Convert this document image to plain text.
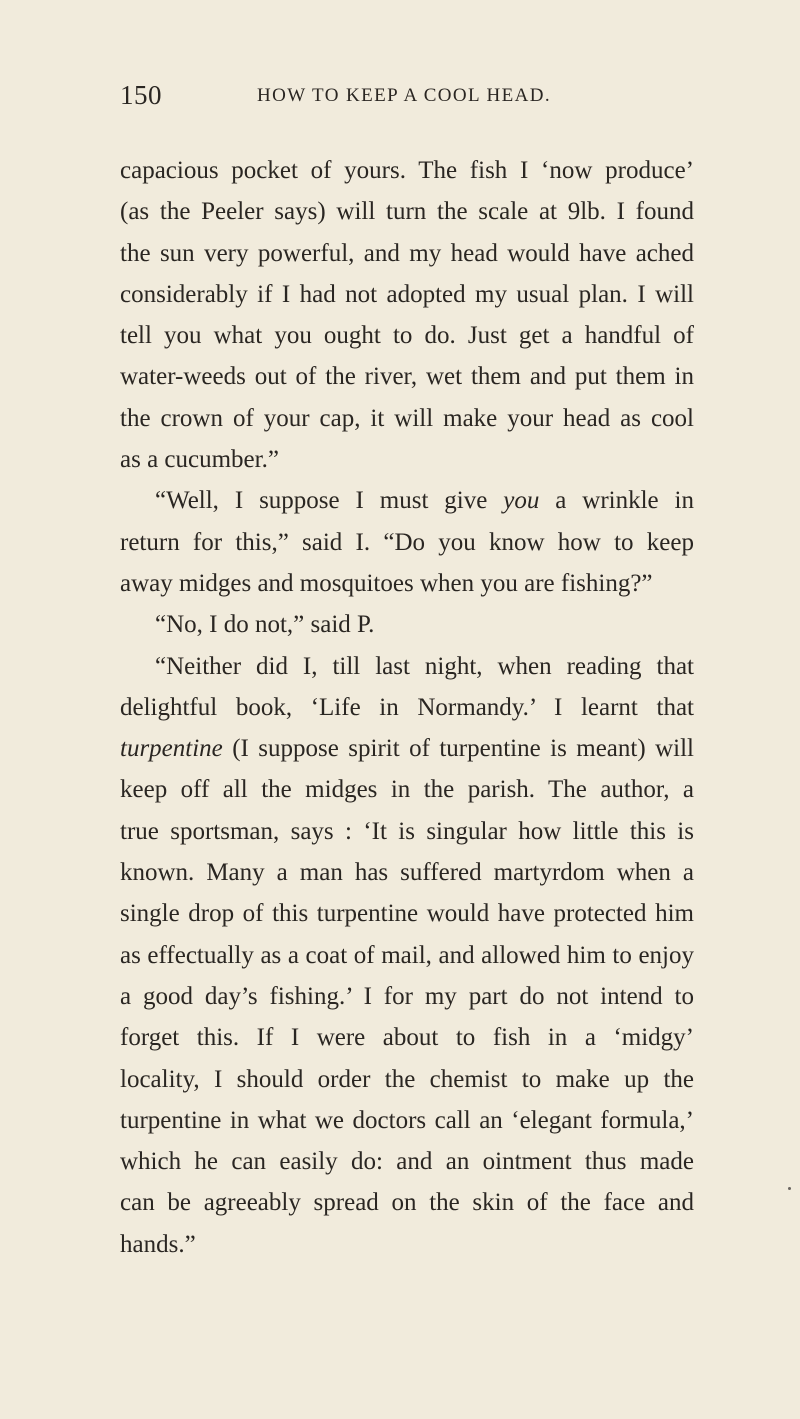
150	HOW TO KEEP A COOL HEAD.
capacious pocket of yours. The fish I ‘now produce’
(as the Peeler says) will turn the scale at 9lb. I found
the sun very powerful, and my head would have ached
considerably if I had not adopted my usual plan. I will
tell you what you ought to do. Just get a handful of
water-weeds out of the river, wet them and put them in
the crown of your cap, it will make your head as cool
as a cucumber.”
“Well, I suppose I must give you a wrinkle in
return for this,” said I. “Do you know how to keep
away midges and mosquitoes when you are fishing?”
“No, I do not,” said P.
“Neither did I, till last night, when reading that
delightful book, ‘Life in Normandy.’ I learnt that
turpentine (I suppose spirit of turpentine is meant) will
keep off all the midges in the parish. The author, a
true sportsman, says : ‘It is singular how little this is
known. Many a man has suffered martyrdom when a
single drop of this turpentine would have protected him
as effectually as a coat of mail, and allowed him to enjoy
a good day’s fishing.’ I for my part do not intend to
forget this. If I were about to fish in a ‘midgy’
locality, I should order the chemist to make up the
turpentine in what we doctors call an ‘elegant formula,’
which he can easily do: and an ointment thus made
can be agreeably spread on the skin of the face and
hands.”
